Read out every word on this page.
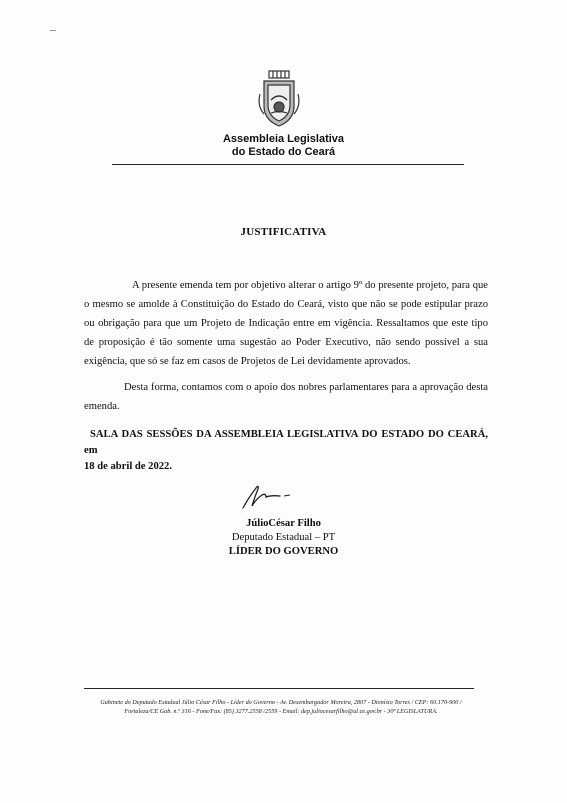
Assembleia Legislativa
do Estado do Ceará
JUSTIFICATIVA

A presente emenda tem por objetivo alterar o artigo 9º do presente projeto, para que o mesmo se amolde à Constituição do Estado do Ceará, visto que não se pode estipular prazo ou obrigação para que um Projeto de Indicação entre em vigência. Ressaltamos que este tipo de proposição é tão somente uma sugestão ao Poder Executivo, não sendo possível a sua exigência, que só se faz em casos de Projetos de Lei devidamente aprovados.

Desta forma, contamos com o apoio dos nobres parlamentares para a aprovação desta emenda.

SALA DAS SESSÕES DA ASSEMBLEIA LEGISLATIVA DO ESTADO DO CEARÁ, em
18 de abril de 2022.
JúlioCésar Filho
Deputado Estadual – PT
LÍDER DO GOVERNO
Gabinete do Deputado Estadual Júlio César Filho - Líder do Governo - Av. Desembargador Moreira, 2807 - Dionísio Torres / CEP: 60.170-900 /
Fortaleza/CE Gab. n.º 316 - Fone/Fax: (85) 3277.2558 /2559 - Email: dep.juliocesarfilho@al.ce.gov.br - 30ª LEGISLATURA.
